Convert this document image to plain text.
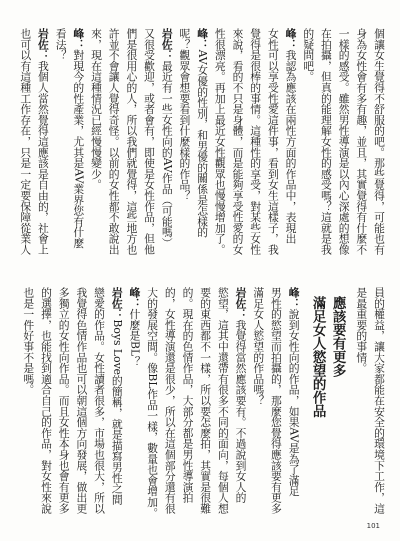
個讓女生覺得不舒服的吧。那些覺得，可能也有
身為女性會有多有趣，並且，其實覺得有什麼不
一樣的感受。雖然男性導演是以內心深處的想像
在拍攝，但真的能理解女性的感受嗎？這就是我
的疑問吧。
峰：我認為應該在兩性方面的作品中，表現出
女性可以享受性愛這件事，看到女生這樣子，我
覺得是很棒的事情。這種性的享受，對某些女性
來說，看的不只是身體，而是能夠享受性愛的女
性很漂亮。再加上最近女性觀眾也慢慢增加了。
峰：AV女優的性別，和男優的關係是怎樣的
呢？觀眾會想要看到什麼樣的作品？
岩佐：最近有一些女性向的AV作品（可能嗎）
又很受歡迎，或者會有，即使是女性作品，但他
們是很用心的人，所以我們就覺得，這些地方也
許並不會讓人覺得奇怪。以前的女性都不敢說出
來，現在這種情況已經慢慢變少。
峰：對現今的性產業，尤其是AV業界您有什麼
看法？
岩佐：我個人當然覺得這應該是自由的，社會上
也可以有這種工作存在，只是一定要保障從業人
員的權益，讓大家都能在安全的環境下工作，這
是最重要的事情。
應該要有更多
滿足女人慾望的作品
峰：說到女性向的作品，如果AV是為了滿足
男性的慾望而拍攝的，那麼您覺得應該要有更多
滿足女人慾望的作品嗎？
岩佐：我覺得當然應該要有。不過說到女人的
慾望，這其中還帶有很多不同的面向，每個人想
要的東西都不一樣，所以要怎麼拍，其實是很難
的。現在的色情作品，大部分都是男性導演拍
的，女性導演還是很少，所以在這個部分還有很
大的發展空間。像BL作品一樣，數量也會增加。
峰：什麼是BL？
岩佐：Boys Love的簡稱，就是描寫男性之間
戀愛的作品。女性讀者很多，市場也很大，所以
我覺得色情作品也可以朝這個方向發展，做出更
多獨立的女性向作品。而且女性本身也會有更多
的選擇，也能找到適合自己的作品，對女性來說
也是一件好事不是嗎。
101
